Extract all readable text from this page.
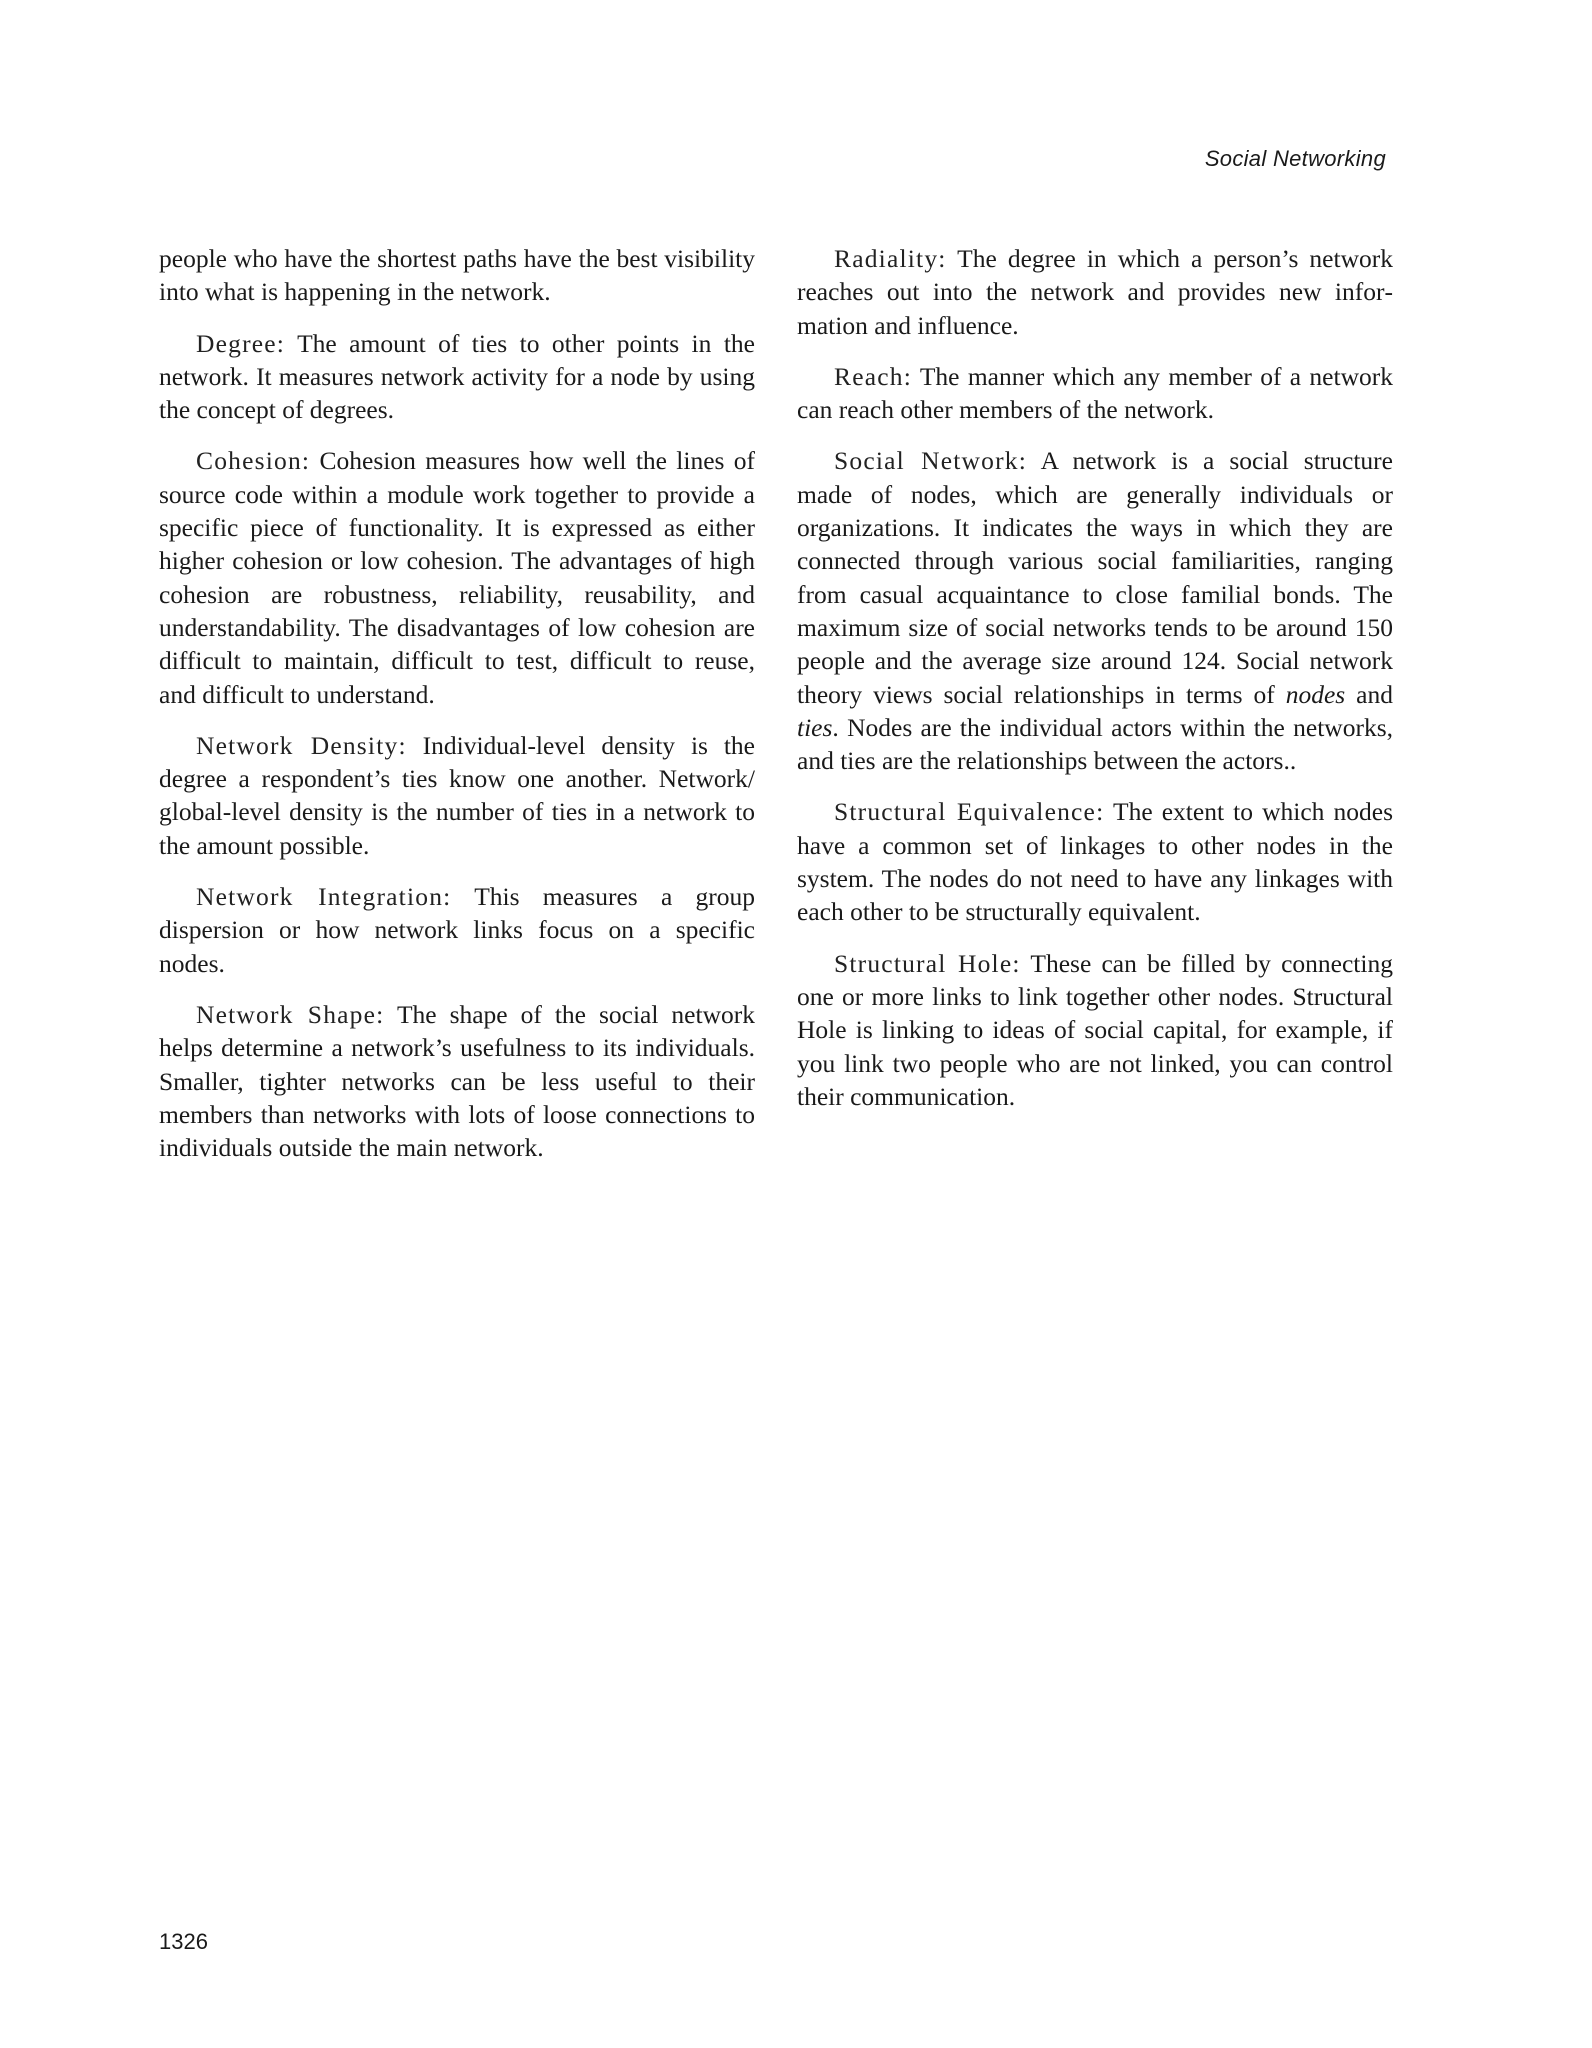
Social Networking

people who have the shortest paths have the best visibility into what is happening in the network.

Degree: The amount of ties to other points in the network. It measures network activity for a node by using the concept of degrees.

Cohesion: Cohesion measures how well the lines of source code within a module work together to provide a specific piece of functionality. It is expressed as either higher cohesion or low cohesion. The advantages of high cohesion are robustness, reliability, reusability, and understandability. The disadvantages of low cohesion are difficult to maintain, difficult to test, difficult to reuse, and difficult to understand.

Network Density: Individual-level density is the degree a respondent’s ties know one another. Network/ global-level density is the number of ties in a network to the amount possible.

Network Integration: This measures a group dispersion or how network links focus on a specific nodes.

Network Shape: The shape of the social network helps determine a network’s usefulness to its individuals. Smaller, tighter networks can be less useful to their members than networks with lots of loose connections to individuals outside the main network.

Radiality: The degree in which a person’s network reaches out into the network and provides new information and influence.

Reach: The manner which any member of a network can reach other members of the network.

Social Network: A network is a social structure made of nodes, which are generally individuals or organizations. It indicates the ways in which they are connected through various social familiarities, ranging from casual acquaintance to close familial bonds. The maximum size of social networks tends to be around 150 people and the average size around 124. Social network theory views social relationships in terms of nodes and ties. Nodes are the individual actors within the networks, and ties are the relationships between the actors..

Structural Equivalence: The extent to which nodes have a common set of linkages to other nodes in the system. The nodes do not need to have any linkages with each other to be structurally equivalent.

Structural Hole: These can be filled by connecting one or more links to link together other nodes. Structural Hole is linking to ideas of social capital, for example, if you link two people who are not linked, you can control their communication.

1326
